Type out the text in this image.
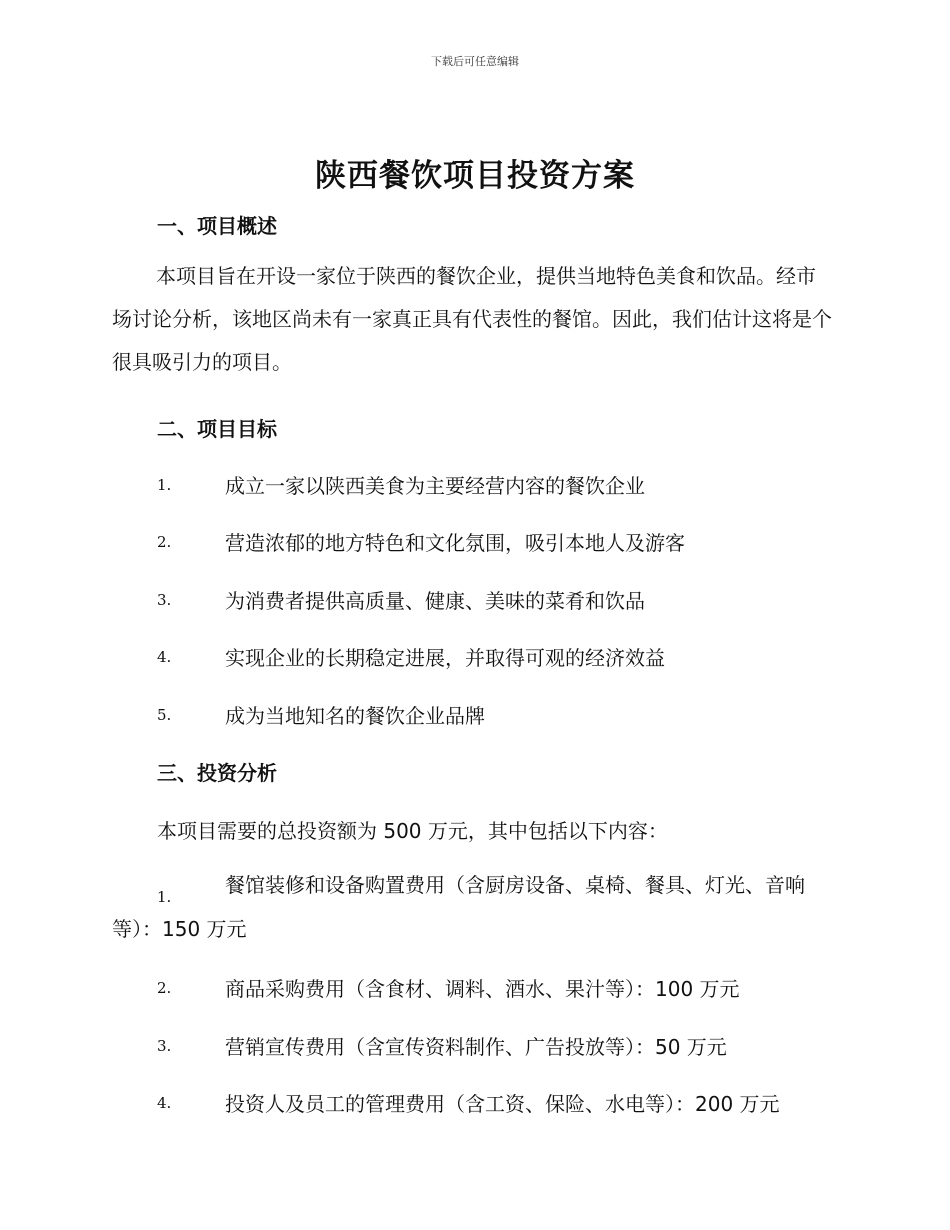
下载后可任意编辑
陕西餐饮项目投资方案
一、项目概述
本项目旨在开设一家位于陕西的餐饮企业，提供当地特色美食和饮品。经市场讨论分析，该地区尚未有一家真正具有代表性的餐馆。因此，我们估计这将是个很具吸引力的项目。
二、项目目标
1.	成立一家以陕西美食为主要经营内容的餐饮企业
2.	营造浓郁的地方特色和文化氛围，吸引本地人及游客
3.	为消费者提供高质量、健康、美味的菜肴和饮品
4.	实现企业的长期稳定进展，并取得可观的经济效益
5.	成为当地知名的餐饮企业品牌
三、投资分析
本项目需要的总投资额为 500 万元，其中包括以下内容：
1.	餐馆装修和设备购置费用（含厨房设备、桌椅、餐具、灯光、音响等）：150 万元
2.	商品采购费用（含食材、调料、酒水、果汁等）：100 万元
3.	营销宣传费用（含宣传资料制作、广告投放等）：50 万元
4.	投资人及员工的管理费用（含工资、保险、水电等）：200 万元
